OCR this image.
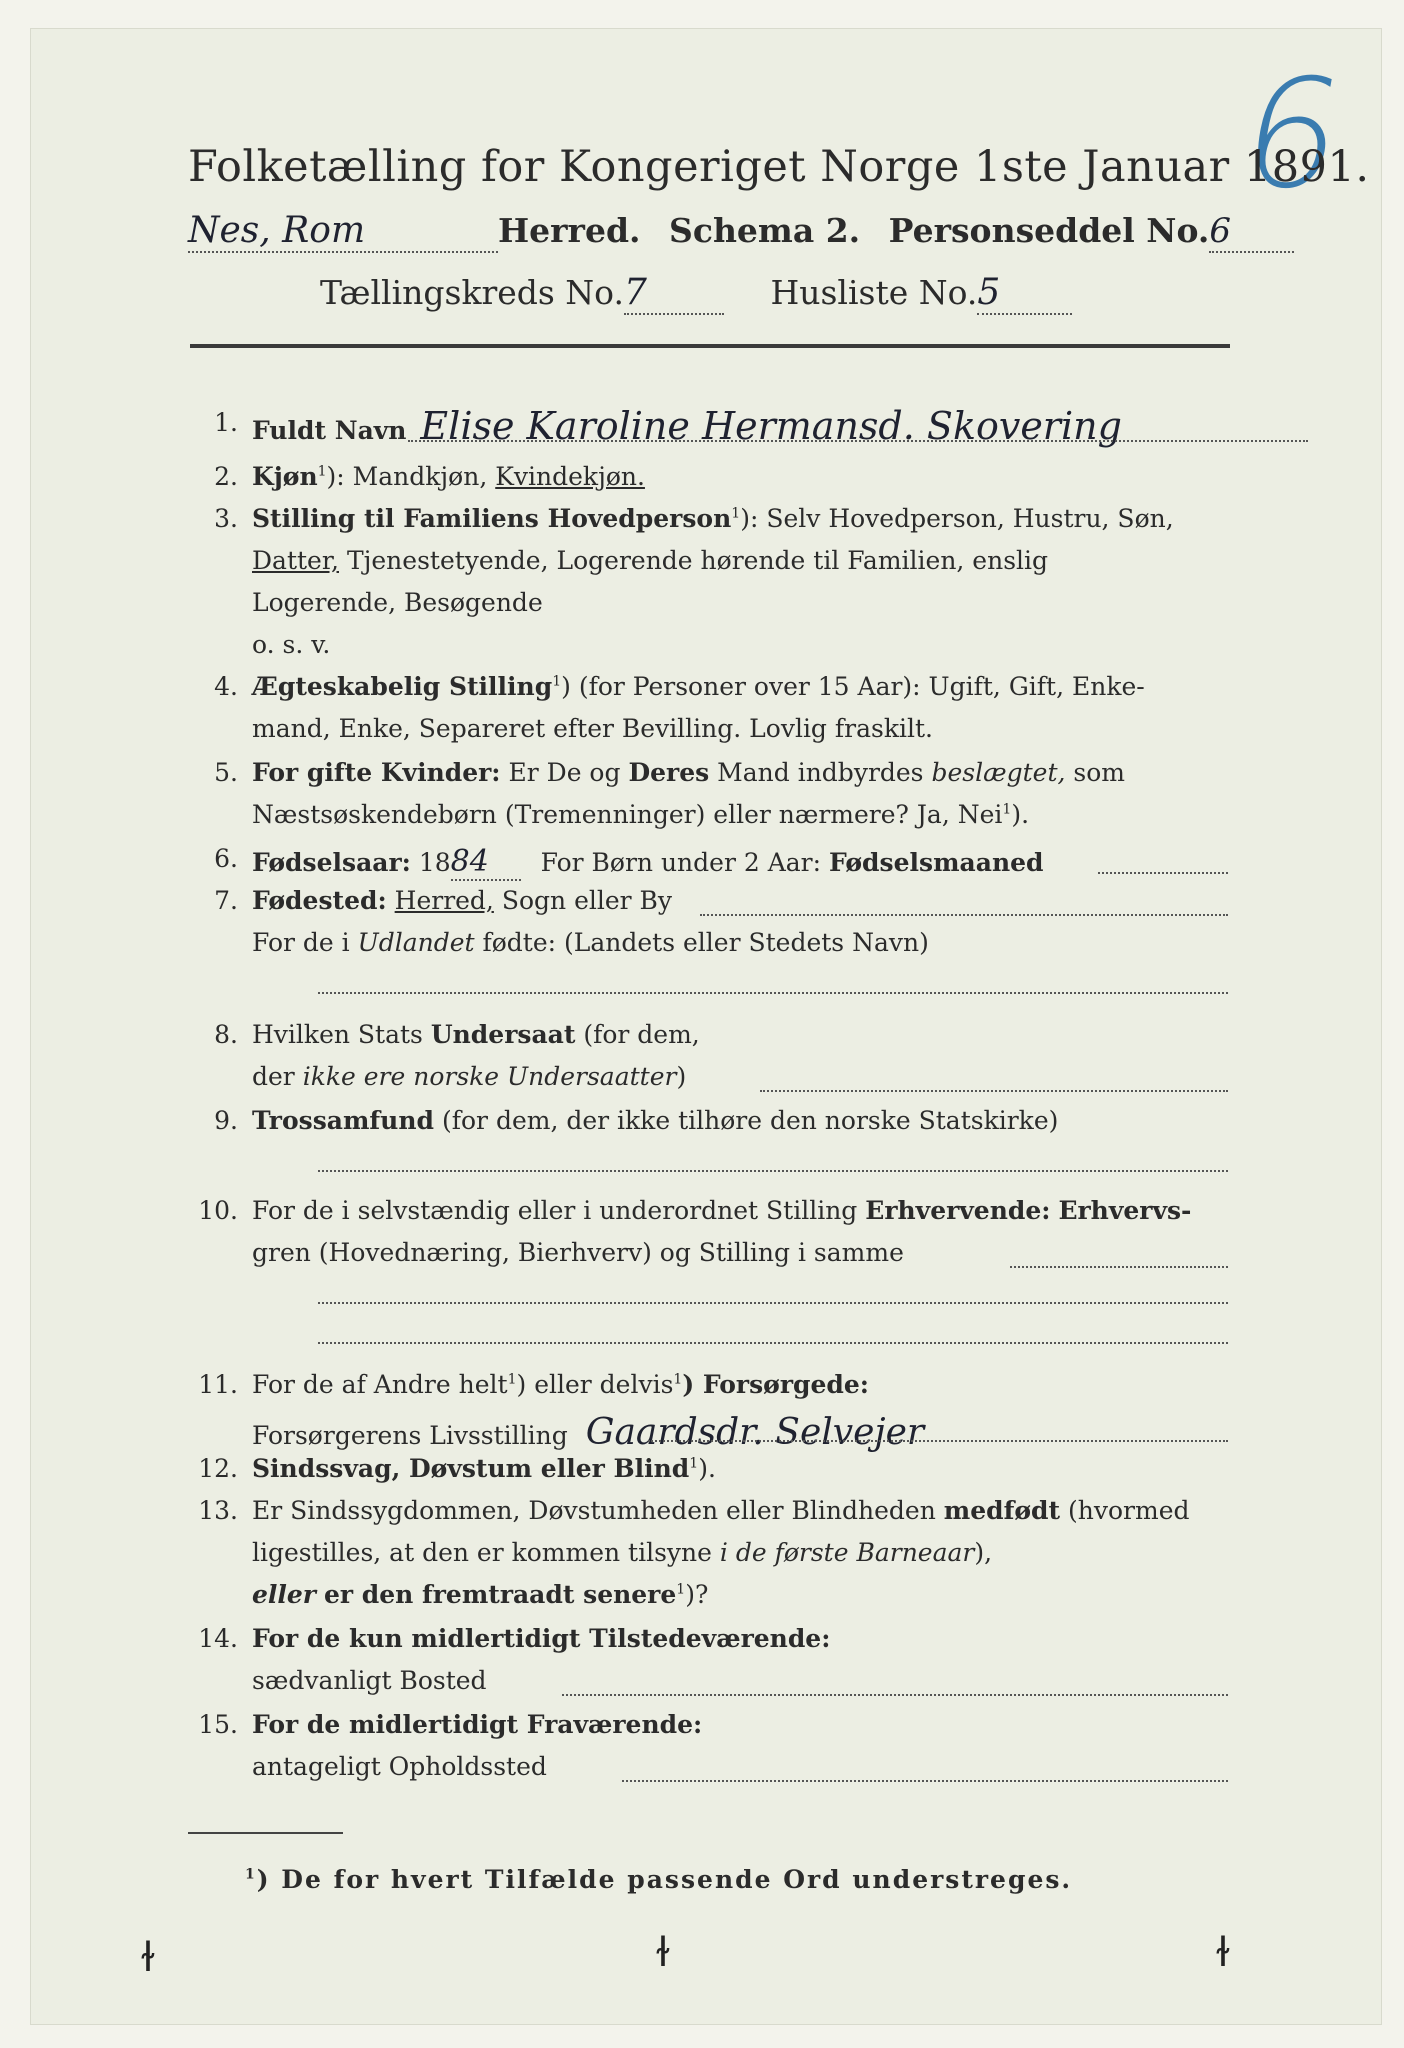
6
Folketælling for Kongeriget Norge 1ste Januar 1891.
Nes, Rom	Herred. Schema 2. Personseddel No.6
Tællingskreds No.7	Husliste No.5
1. Fuldt Navn Elise Karoline Hermansd. Skovering
2. Kjøn$^1$): Mandkjøn, Kvindekjøn.
3. Stilling til Familiens Hovedperson$^1$): Selv Hovedperson, Hustru, Søn,
Datter, Tjenestetyende, Logerende hørende til Familien, enslig
Logerende, Besøgende
o. s. v.
4. Ægteskabelig Stilling$^1$) (for Personer over 15 Aar): Ugift, Gift, Enke-
mand, Enke, Separeret efter Bevilling. Lovlig fraskilt.
5. For gifte Kvinder: Er De og Deres Mand indbyrdes beslægtet, som
Næstsøskendebørn (Tremenninger) eller nærmere? Ja, Nei$^1$).
6. Fødselsaar: 1884 For Børn under 2 Aar: Fødselsmaaned
7. Fødested: Herred, Sogn eller By
For de i Udlandet fødte: (Landets eller Stedets Navn)
8. Hvilken Stats Undersaat (for dem,
der ikke ere norske Undersaatter)
9. Trossamfund (for dem, der ikke tilhøre den norske Statskirke)
10. For de i selvstændig eller i underordnet Stilling Erhvervende: Erhvervs-
gren (Hovednæring, Bierhverv) og Stilling i samme
11. For de af Andre helt$^1$) eller delvis$^1$) Forsørgede:
Forsørgerens Livsstilling Gaardsdr. Selvejer
12. Sindssvag, Døvstum eller Blind$^1$).
13. Er Sindssygdommen, Døvstumheden eller Blindheden medfødt (hvormed
ligestilles, at den er kommen tilsyne i de første Barneaar),
eller er den fremtraadt senere$^1$)?
14. For de kun midlertidigt Tilstedeværende:
sædvanligt Bosted
15. For de midlertidigt Fraværende:
antageligt Opholdssted
$^1$) De for hvert Tilfælde passende Ord understreges.
ɫ	ɫ	ɫ
